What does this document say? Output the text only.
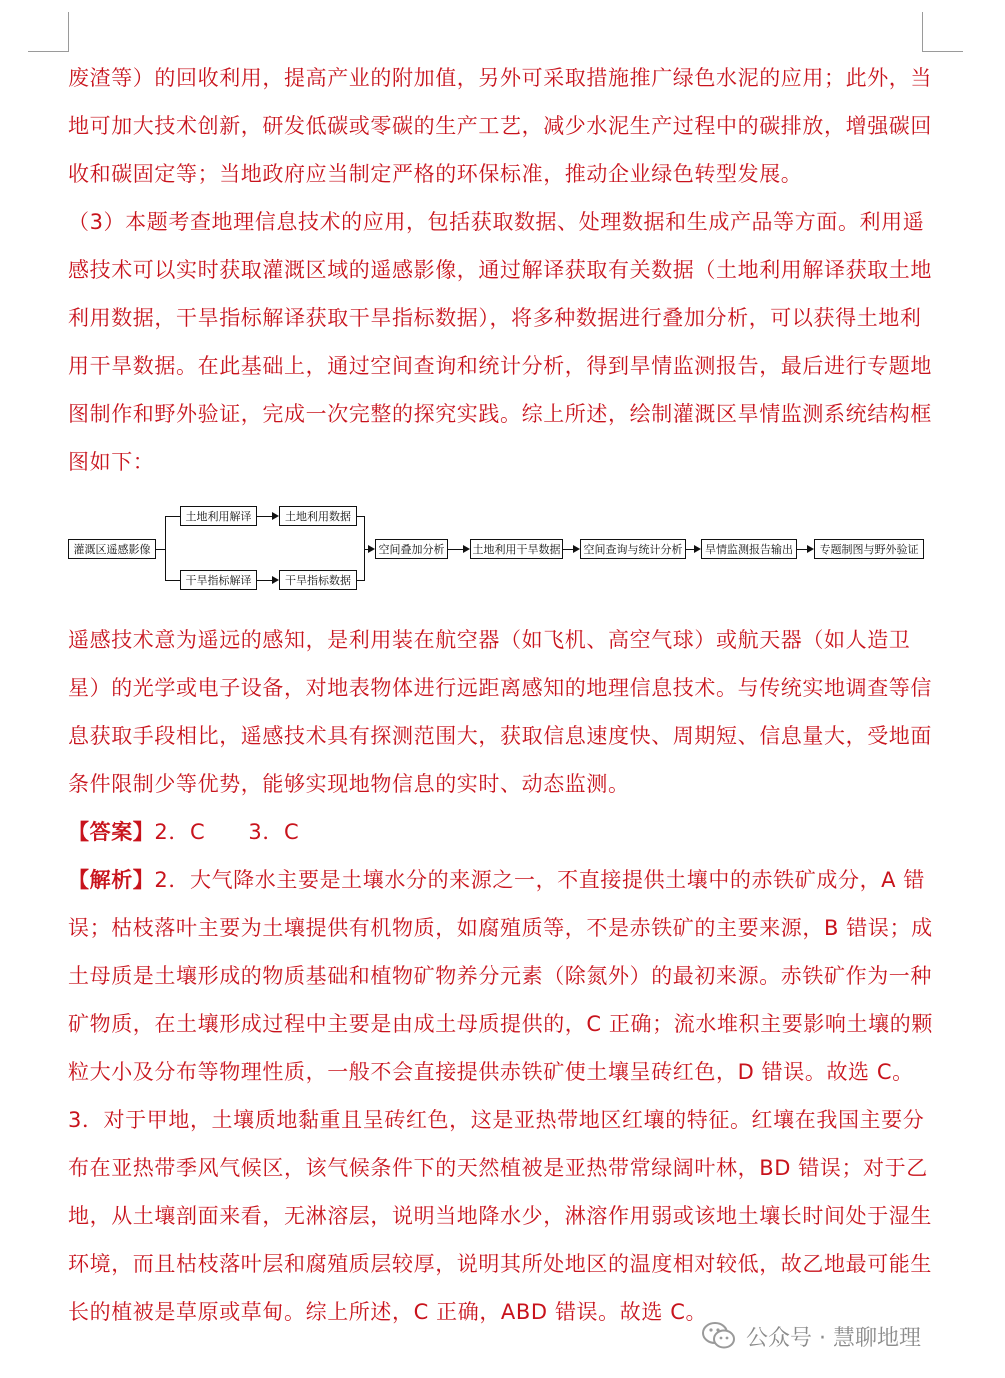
废渣等）的回收利用，提高产业的附加值，另外可采取措施推广绿色水泥的应用；此外，当地可加大技术创新，研发低碳或零碳的生产工艺，减少水泥生产过程中的碳排放，增强碳回收和碳固定等；当地政府应当制定严格的环保标准，推动企业绿色转型发展。

（3）本题考查地理信息技术的应用，包括获取数据、处理数据和生成产品等方面。利用遥感技术可以实时获取灌溉区域的遥感影像，通过解译获取有关数据（土地利用解译获取土地利用数据，干旱指标解译获取干旱指标数据），将多种数据进行叠加分析，可以获得土地利用干旱数据。在此基础上，通过空间查询和统计分析，得到旱情监测报告，最后进行专题地图制作和野外验证，完成一次完整的探究实践。综上所述，绘制灌溉区旱情监测系统结构框图如下：

灌溉区遥感影像
土地利用解译
干旱指标解译
土地利用数据
干旱指标数据
空间叠加分析	土地利用干旱数据	空间查询与统计分析	旱情监测报告输出	专题制图与野外验证

遥感技术意为遥远的感知，是利用装在航空器（如飞机、高空气球）或航天器（如人造卫星）的光学或电子设备，对地表物体进行远距离感知的地理信息技术。与传统实地调查等信息获取手段相比，遥感技术具有探测范围大，获取信息速度快、周期短、信息量大，受地面条件限制少等优势，能够实现地物信息的实时、动态监测。

【答案】2．C　　3．C

【解析】2．大气降水主要是土壤水分的来源之一，不直接提供土壤中的赤铁矿成分，A 错误；枯枝落叶主要为土壤提供有机物质，如腐殖质等，不是赤铁矿的主要来源，B 错误；成土母质是土壤形成的物质基础和植物矿物养分元素（除氮外）的最初来源。赤铁矿作为一种矿物质，在土壤形成过程中主要是由成土母质提供的，C 正确；流水堆积主要影响土壤的颗粒大小及分布等物理性质，一般不会直接提供赤铁矿使土壤呈砖红色，D 错误。故选 C。

3．对于甲地，土壤质地黏重且呈砖红色，这是亚热带地区红壤的特征。红壤在我国主要分布在亚热带季风气候区，该气候条件下的天然植被是亚热带常绿阔叶林，BD 错误；对于乙地，从土壤剖面来看，无淋溶层，说明当地降水少，淋溶作用弱或该地土壤长时间处于湿生环境，而且枯枝落叶层和腐殖质层较厚，说明其所处地区的温度相对较低，故乙地最可能生长的植被是草原或草甸。综上所述，C 正确，ABD 错误。故选 C。

公众号 · 慧聊地理
